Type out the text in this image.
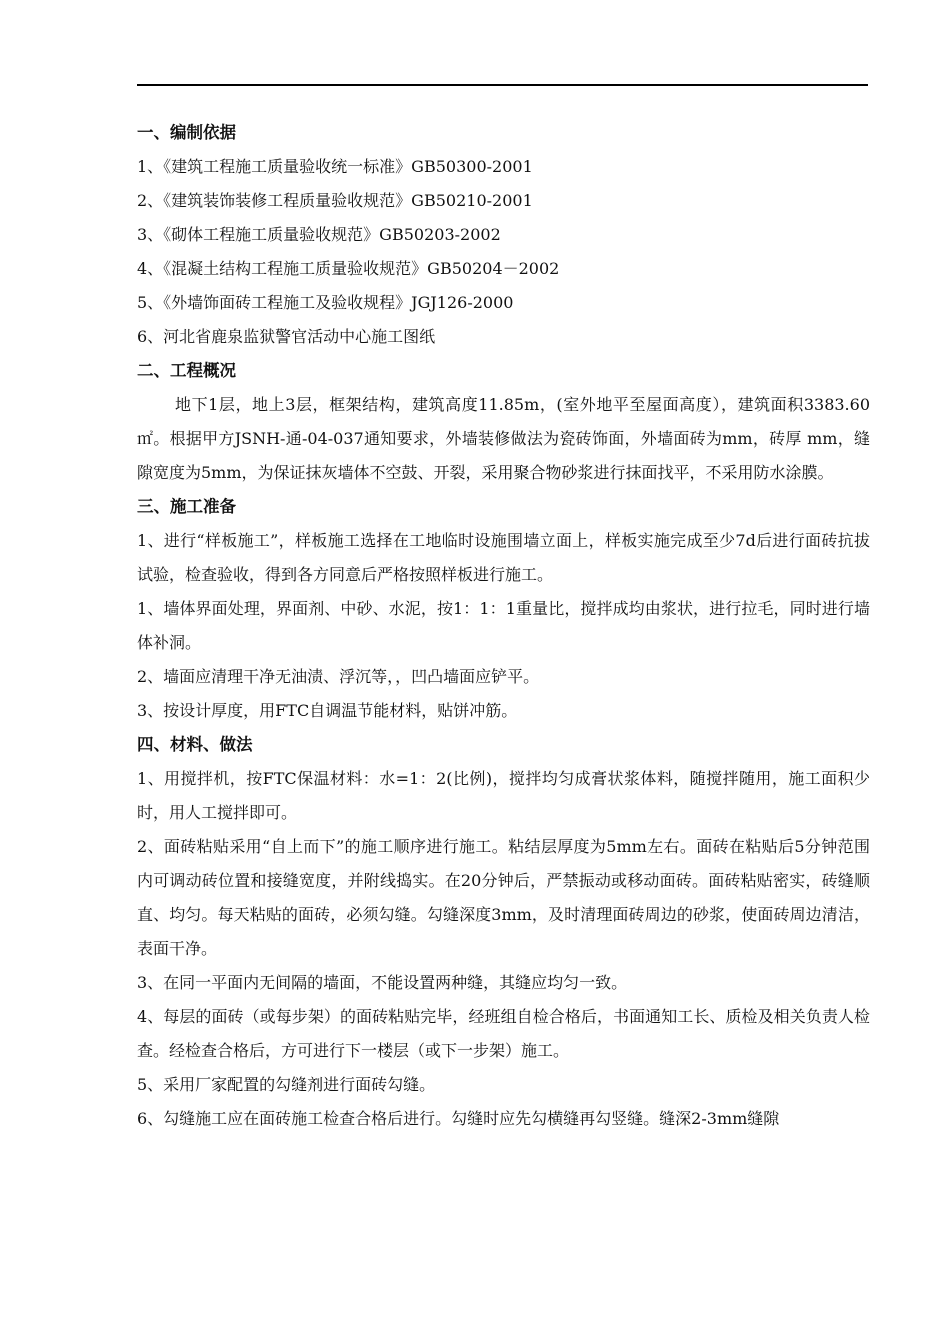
一、编制依据
1、《建筑工程施工质量验收统一标准》GB50300-2001
2、《建筑装饰装修工程质量验收规范》GB50210-2001
3、《砌体工程施工质量验收规范》GB50203-2002
4、《混凝土结构工程施工质量验收规范》GB50204－2002
5、《外墙饰面砖工程施工及验收规程》JGJ126-2000
6、河北省鹿泉监狱警官活动中心施工图纸
二、工程概况
地下1层，地上3层，框架结构，建筑高度11.85m，(室外地平至屋面高度），建筑面积3383.60㎡。根据甲方JSNH-通-04-037通知要求，外墙装修做法为瓷砖饰面，外墙面砖为mm，砖厚 mm，缝隙宽度为5mm，为保证抹灰墙体不空鼓、开裂，采用聚合物砂浆进行抹面找平，不采用防水涂膜。
三、施工准备
1、进行“样板施工”，样板施工选择在工地临时设施围墙立面上，样板实施完成至少7d后进行面砖抗拔试验，检查验收，得到各方同意后严格按照样板进行施工。
1、墙体界面处理，界面剂、中砂、水泥，按1：1：1重量比，搅拌成均由浆状，进行拉毛，同时进行墙体补洞。
2、墙面应清理干净无油渍、浮沉等，，凹凸墙面应铲平。
3、按设计厚度，用FTC自调温节能材料，贴饼冲筋。
四、材料、做法
1、用搅拌机，按FTC保温材料：水=1：2(比例)，搅拌均匀成膏状浆体料，随搅拌随用，施工面积少时，用人工搅拌即可。
2、面砖粘贴采用“自上而下”的施工顺序进行施工。粘结层厚度为5mm左右。面砖在粘贴后5分钟范围内可调动砖位置和接缝宽度，并附线捣实。在20分钟后，严禁振动或移动面砖。面砖粘贴密实，砖缝顺直、均匀。每天粘贴的面砖，必须勾缝。勾缝深度3mm，及时清理面砖周边的砂浆，使面砖周边清洁，表面干净。
3、在同一平面内无间隔的墙面，不能设置两种缝，其缝应均匀一致。
4、每层的面砖（或每步架）的面砖粘贴完毕，经班组自检合格后，书面通知工长、质检及相关负责人检查。经检查合格后，方可进行下一楼层（或下一步架）施工。
5、采用厂家配置的勾缝剂进行面砖勾缝。
6、勾缝施工应在面砖施工检查合格后进行。勾缝时应先勾横缝再勾竖缝。缝深2-3mm缝隙
